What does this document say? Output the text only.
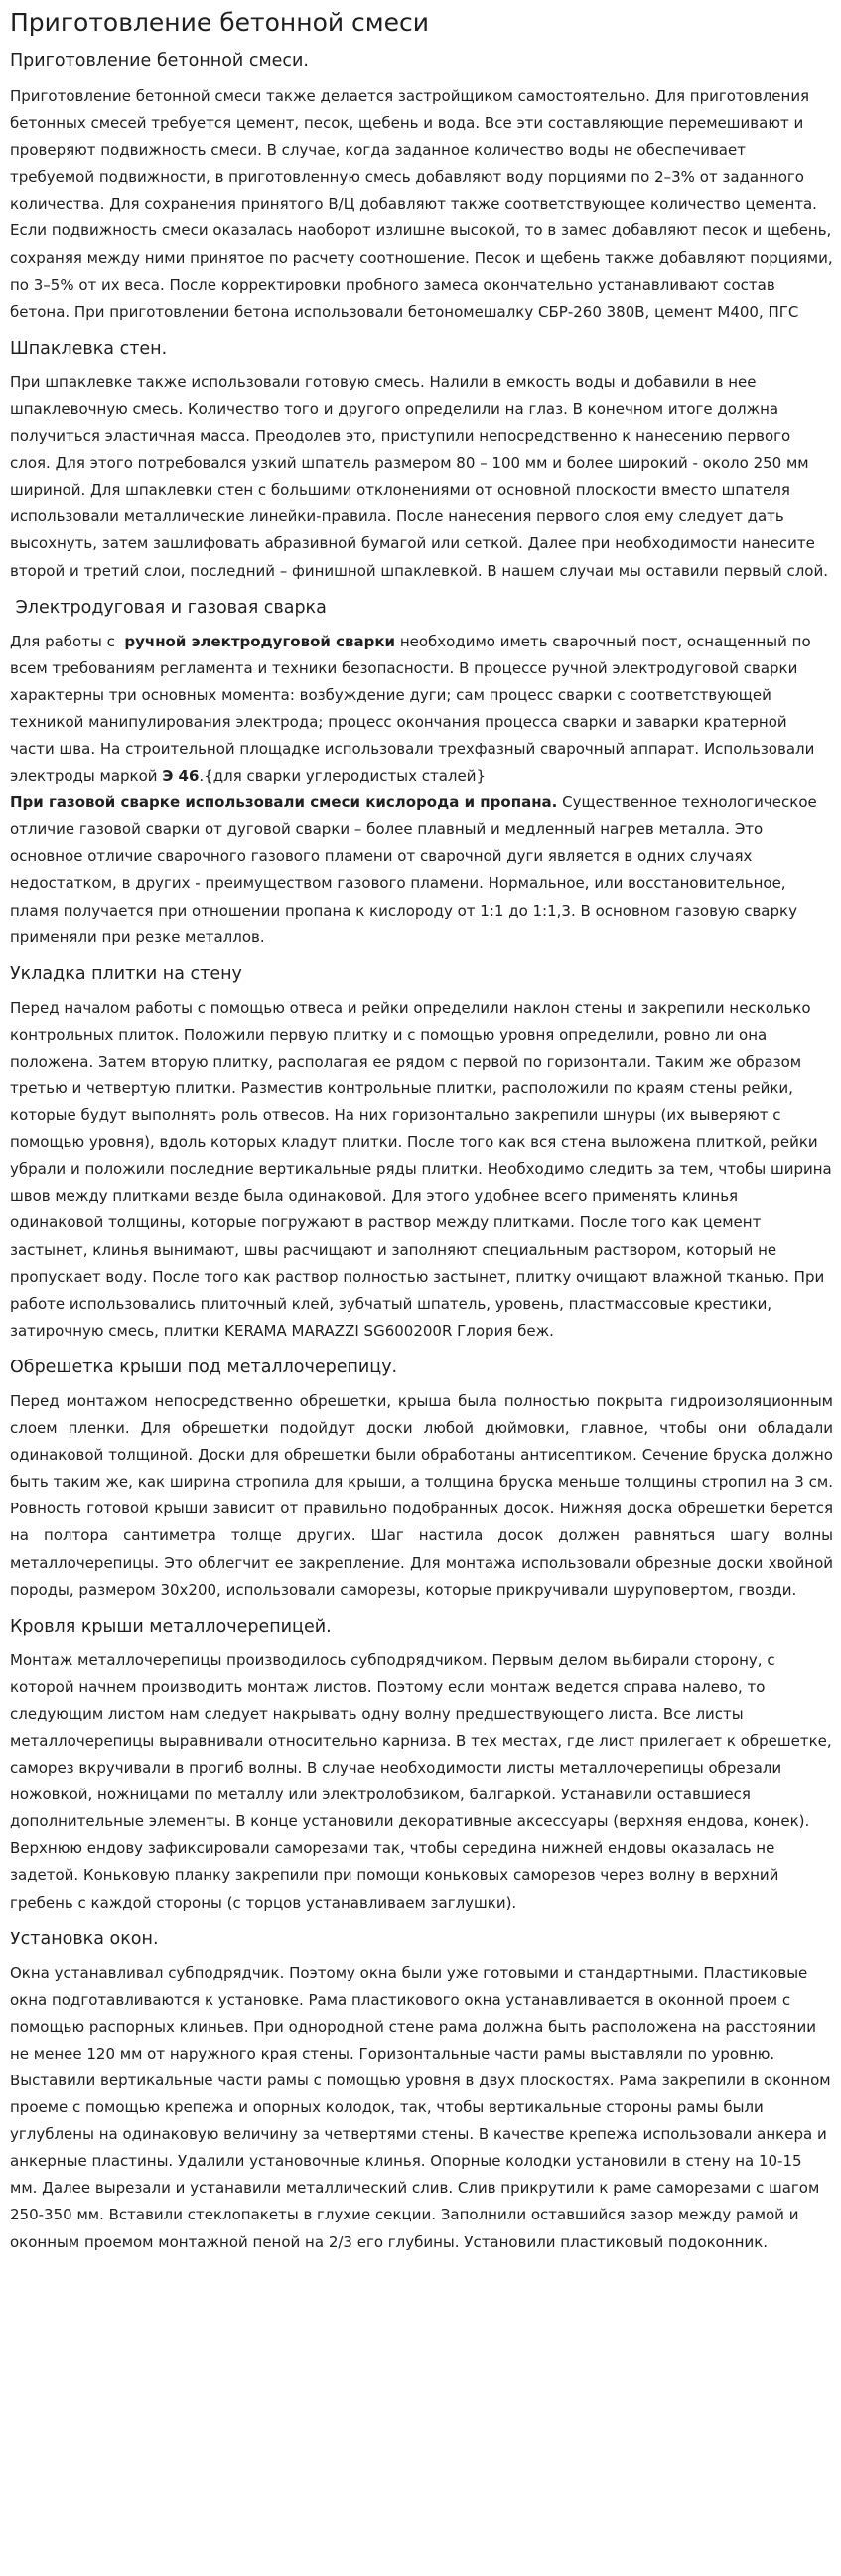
Приготовление бетонной смеси
Приготовление бетонной смеси.

Приготовление бетонной смеси также делается застройщиком самостоятельно. Для приготовления бетонных смесей требуется цемент, песок, щебень и вода. Все эти составляющие перемешивают и проверяют подвижность смеси. В случае, когда заданное количество воды не обеспечивает требуемой подвижности, в приготовленную смесь добавляют воду порциями по 2–3% от заданного количества. Для сохранения принятого В/Ц добавляют также соответствующее количество цемента. Если подвижность смеси оказалась наоборот излишне высокой, то в замес добавляют песок и щебень, сохраняя между ними принятое по расчету соотношение. Песок и щебень также добавляют порциями, по 3–5% от их веса. После корректировки пробного замеса окончательно устанавливают состав бетона. При приготовлении бетона использовали бетономешалку СБР-260 380В, цемент М400, ПГС

Шпаклевка стен.

При шпаклевке также использовали готовую смесь. Налили в емкость воды и добавили в нее шпаклевочную смесь. Количество того и другого определили на глаз. В конечном итоге должна получиться эластичная масса. Преодолев это, приступили непосредственно к нанесению первого слоя. Для этого потребовался узкий шпатель размером 80 – 100 мм и более широкий - около 250 мм шириной. Для шпаклевки стен с большими отклонениями от основной плоскости вместо шпателя использовали металлические линейки-правила. После нанесения первого слоя ему следует дать высохнуть, затем зашлифовать абразивной бумагой или сеткой. Далее при необходимости нанесите второй и третий слои, последний – финишной шпаклевкой. В нашем случаи мы оставили первый слой.

Электродуговая и газовая сварка

Для работы с  ручной электродуговой сварки необходимо иметь сварочный пост, оснащенный по всем требованиям регламента и техники безопасности. В процессе ручной электродуговой сварки характерны три основных момента: возбуждение дуги; сам процесс сварки с соответствующей техникой манипулирования электрода; процесс окончания процесса сварки и заварки кратерной части шва. На строительной площадке использовали трехфазный сварочный аппарат. Использовали электроды маркой Э 46.{для сварки углеродистых сталей}

При газовой сварке использовали смеси кислорода и пропана. Существенное технологическое отличие газовой сварки от дуговой сварки – более плавный и медленный нагрев металла. Это основное отличие сварочного газового пламени от сварочной дуги является в одних случаях недостатком, в других - преимуществом газового пламени. Нормальное, или восстановительное, пламя получается при отношении пропана к кислороду от 1:1 до 1:1,3. В основном газовую сварку применяли при резке металлов.

Укладка плитки на стену

Перед началом работы с помощью отвеса и рейки определили наклон стены и закрепили несколько контрольных плиток. Положили первую плитку и с помощью уровня определили, ровно ли она положена. Затем вторую плитку, располагая ее рядом с первой по горизонтали. Таким же образом третью и четвертую плитки. Разместив контрольные плитки, расположили по краям стены рейки, которые будут выполнять роль отвесов. На них горизонтально закрепили шнуры (их выверяют с помощью уровня), вдоль которых кладут плитки. После того как вся стена выложена плиткой, рейки убрали и положили последние вертикальные ряды плитки. Необходимо следить за тем, чтобы ширина швов между плитками везде была одинаковой. Для этого удобнее всего применять клинья одинаковой толщины, которые погружают в раствор между плитками. После того как цемент застынет, клинья вынимают, швы расчищают и заполняют специальным раствором, который не пропускает воду. После того как раствор полностью застынет, плитку очищают влажной тканью. При работе использовались плиточный клей, зубчатый шпатель, уровень, пластмассовые крестики, затирочную смесь, плитки KERAMA MARAZZI SG600200R Глория беж.

Обрешетка крыши под металлочерепицу.

Перед монтажом непосредственно обрешетки, крыша была полностью покрыта гидроизоляционным слоем пленки. Для обрешетки подойдут доски любой дюймовки, главное, чтобы они обладали одинаковой толщиной. Доски для обрешетки были обработаны антисептиком. Сечение бруска должно быть таким же, как ширина стропила для крыши, а толщина бруска меньше толщины стропил на 3 см. Ровность готовой крыши зависит от правильно подобранных досок. Нижняя доска обрешетки берется на полтора сантиметра толще других. Шаг настила досок должен равняться шагу волны металлочерепицы. Это облегчит ее закрепление. Для монтажа использовали обрезные доски хвойной породы, размером 30х200, использовали саморезы, которые прикручивали шуруповертом, гвозди.

Кровля крыши металлочерепицей.

Монтаж металлочерепицы производилось субподрядчиком. Первым делом выбирали сторону, с которой начнем производить монтаж листов. Поэтому если монтаж ведется справа налево, то следующим листом нам следует накрывать одну волну предшествующего листа. Все листы металлочерепицы выравнивали относительно карниза. В тех местах, где лист прилегает к обрешетке, саморез вкручивали в прогиб волны. В случае необходимости листы металлочерепицы обрезали ножовкой, ножницами по металлу или электролобзиком, балгаркой. Устанавили оставшиеся дополнительные элементы. В конце установили декоративные аксессуары (верхняя ендова, конек). Верхнюю ендову зафиксировали саморезами так, чтобы середина нижней ендовы оказалась не задетой. Коньковую планку закрепили при помощи коньковых саморезов через волну в верхний гребень с каждой стороны (с торцов устанавливаем заглушки).

Установка окон.

Окна устанавливал субподрядчик. Поэтому окна были уже готовыми и стандартными. Пластиковые окна подготавливаются к установке. Рама пластикового окна устанавливается в оконной проем с помощью распорных клиньев. При однородной стене рама должна быть расположена на расстоянии не менее 120 мм от наружного края стены. Горизонтальные части рамы выставляли по уровню. Выставили вертикальные части рамы с помощью уровня в двух плоскостях. Рама закрепили в оконном проеме с помощью крепежа и опорных колодок, так, чтобы вертикальные стороны рамы были углублены на одинаковую величину за четвертями стены. В качестве крепежа использовали анкера и анкерные пластины. Удалили установочные клинья. Опорные колодки установили в стену на 10-15 мм. Далее вырезали и устанавили металлический слив. Слив прикрутили к раме саморезами с шагом 250-350 мм. Вставили стеклопакеты в глухие секции. Заполнили оставшийся зазор между рамой и оконным проемом монтажной пеной на 2/3 его глубины. Установили пластиковый подоконник.
